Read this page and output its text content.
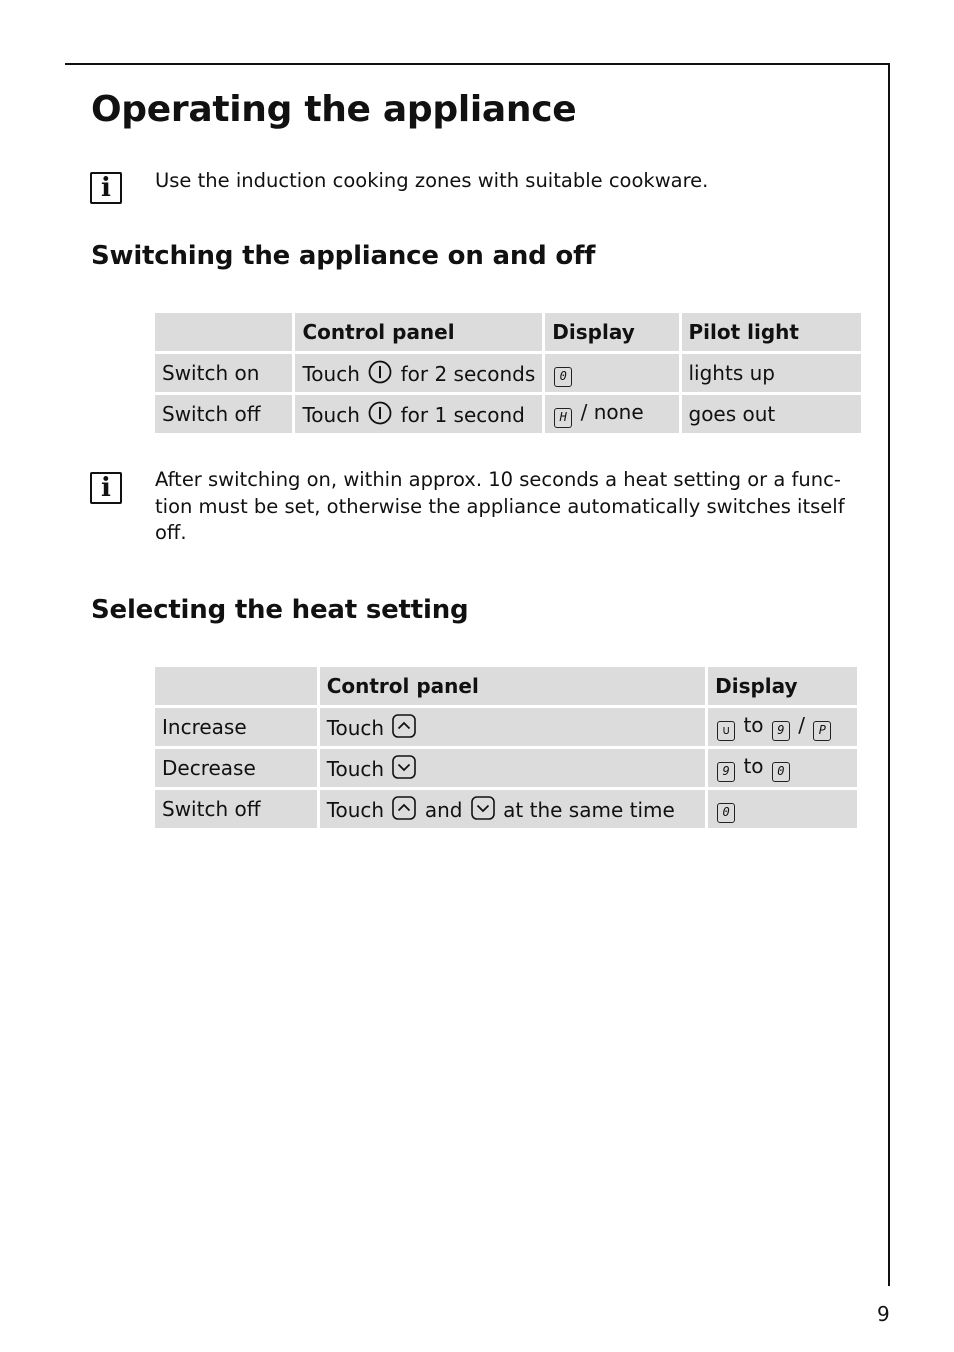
Operating the appliance
i	Use the induction cooking zones with suitable cookware.

Switching the appliance on and off
	Control panel	Display	Pilot light
Switch on	Touch for 2 seconds	0	lights up
Switch off	Touch for 1 second	H / none	goes out
i	After switching on, within approx. 10 seconds a heat setting or a func-tion must be set, otherwise the appliance automatically switches itself off.

Selecting the heat setting
	Control panel	Display
Increase	Touch	∪ to 9 / P
Decrease	Touch	9 to 0
Switch off	Touch and at the same time	0
9
